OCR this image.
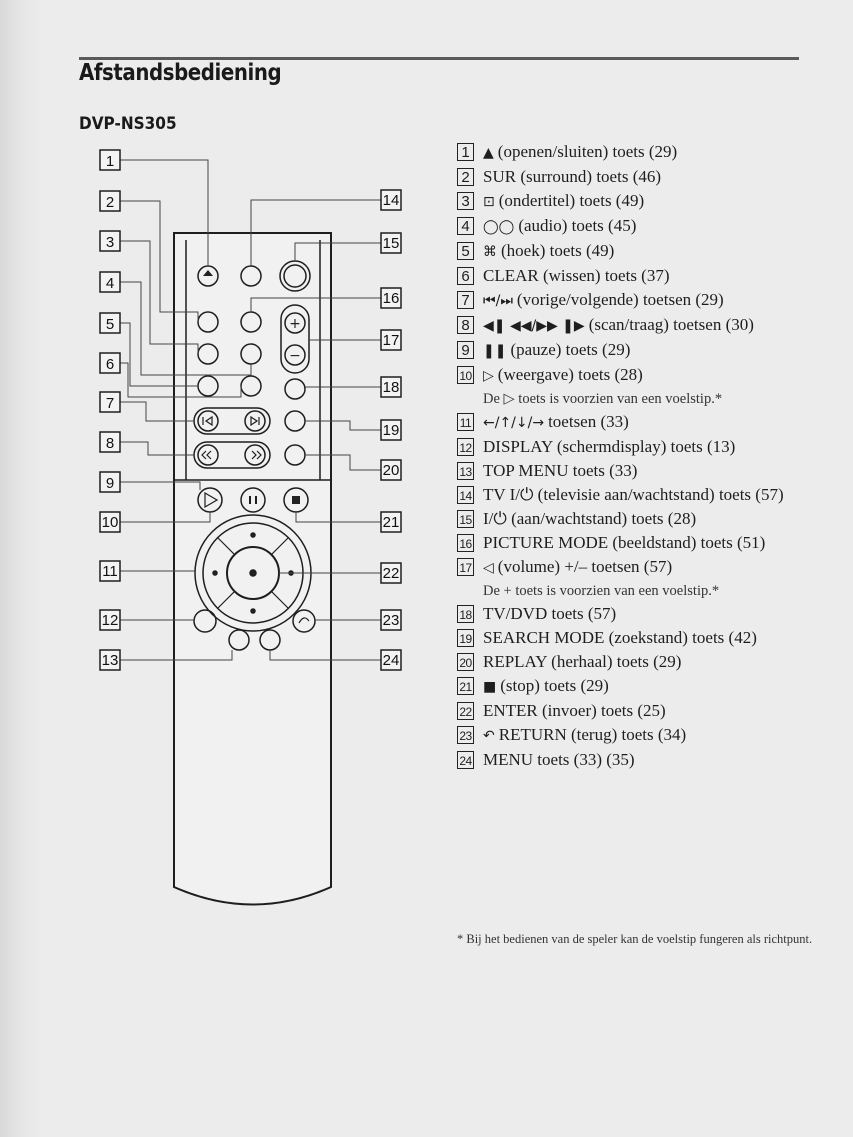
Afstandsbediening
DVP-NS305
+
−
1
2
3
4
5
6
7
8
9
10
11
12
13
14
15
16
17
18
19
20
21
22
23
24
1 ▲ (openen/sluiten) toets (29)
2 SUR (surround) toets (46)
3 ⊡ (ondertitel) toets (49)
4 ◯◯ (audio) toets (45)
5 ⌘ (hoek) toets (49)
6 CLEAR (wissen) toets (37)
7 ⏮/⏭ (vorige/volgende) toetsen (29)
8 ◀❚ ◀◀/▶▶ ❚▶ (scan/traag) toetsen (30)
9 ❚❚ (pauze) toets (29)
10 ▷ (weergave) toets (28)
De ▷ toets is voorzien van een voelstip.*
11 ←/↑/↓/→ toetsen (33)
12 DISPLAY (schermdisplay) toets (13)
13 TOP MENU toets (33)
14 TV I/⏻ (televisie aan/wachtstand) toets (57)
15 I/⏻ (aan/wachtstand) toets (28)
16 PICTURE MODE (beeldstand) toets (51)
17 ◁ (volume) +/– toetsen (57)
De + toets is voorzien van een voelstip.*
18 TV/DVD toets (57)
19 SEARCH MODE (zoekstand) toets (42)
20 REPLAY (herhaal) toets (29)
21 ■ (stop) toets (29)
22 ENTER (invoer) toets (25)
23 ↶ RETURN (terug) toets (34)
24 MENU toets (33) (35)

* Bij het bedienen van de speler kan de voelstip fungeren als richtpunt.
